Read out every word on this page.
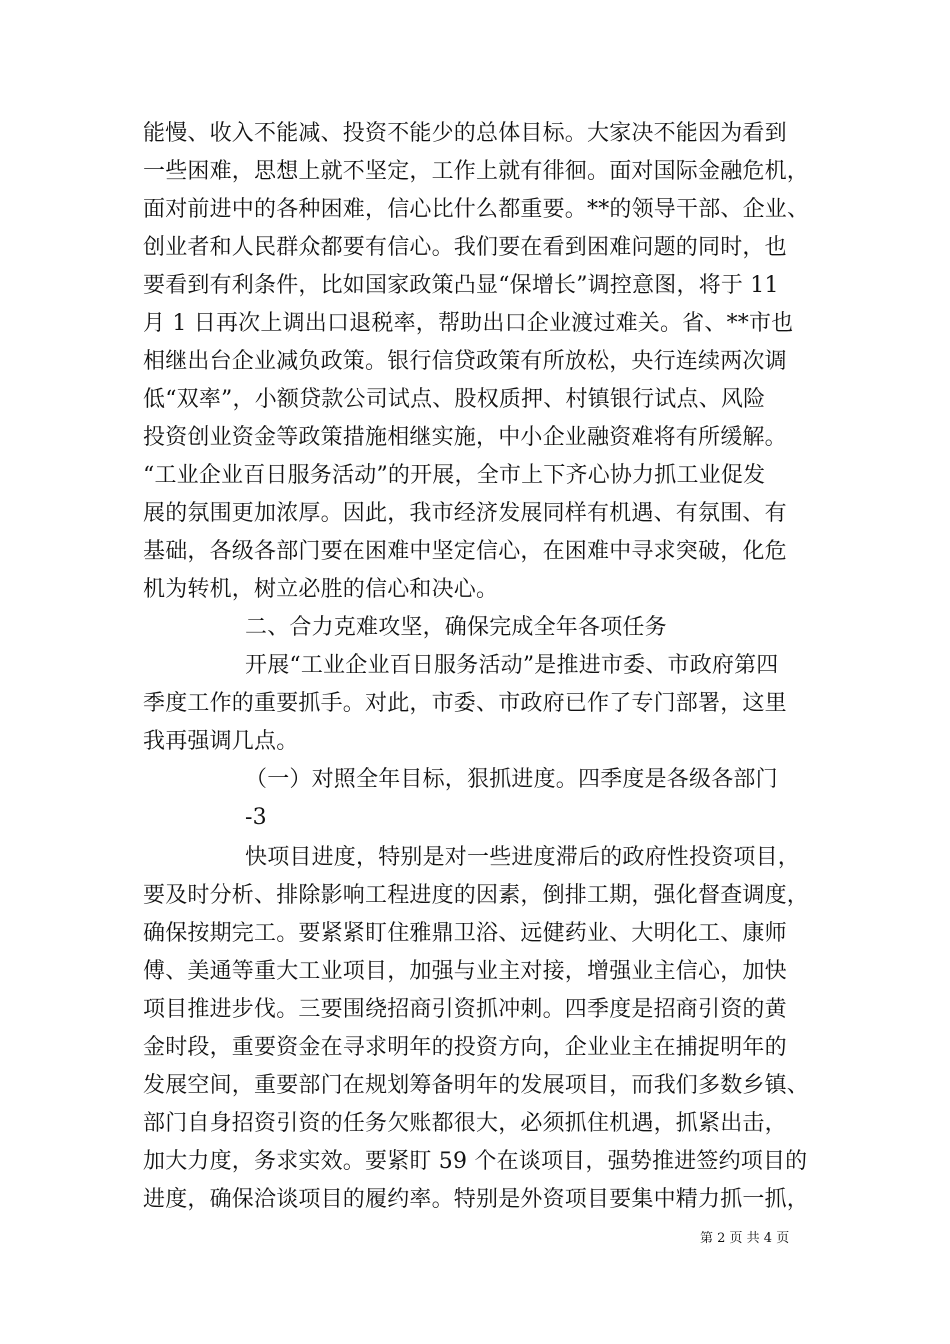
能慢、收入不能减、投资不能少的总体目标。大家决不能因为看到
一些困难，思想上就不坚定，工作上就有徘徊。面对国际金融危机，
面对前进中的各种困难，信心比什么都重要。**的领导干部、企业、
创业者和人民群众都要有信心。我们要在看到困难问题的同时，也
要看到有利条件，比如国家政策凸显“保增长”调控意图，将于 11
月 1 日再次上调出口退税率，帮助出口企业渡过难关。省、**市也
相继出台企业减负政策。银行信贷政策有所放松，央行连续两次调
低“双率”，小额贷款公司试点、股权质押、村镇银行试点、风险
投资创业资金等政策措施相继实施，中小企业融资难将有所缓解。
“工业企业百日服务活动”的开展，全市上下齐心协力抓工业促发
展的氛围更加浓厚。因此，我市经济发展同样有机遇、有氛围、有
基础，各级各部门要在困难中坚定信心，在困难中寻求突破，化危
机为转机，树立必胜的信心和决心。
二、合力克难攻坚，确保完成全年各项任务
开展“工业企业百日服务活动”是推进市委、市政府第四
季度工作的重要抓手。对此，市委、市政府已作了专门部署，这里
我再强调几点。
（一）对照全年目标，狠抓进度。四季度是各级各部门
-3
快项目进度，特别是对一些进度滞后的政府性投资项目，
要及时分析、排除影响工程进度的因素，倒排工期，强化督查调度，
确保按期完工。要紧紧盯住雅鼎卫浴、远健药业、大明化工、康师
傅、美通等重大工业项目，加强与业主对接，增强业主信心，加快
项目推进步伐。三要围绕招商引资抓冲刺。四季度是招商引资的黄
金时段，重要资金在寻求明年的投资方向，企业业主在捕捉明年的
发展空间，重要部门在规划筹备明年的发展项目，而我们多数乡镇、
部门自身招资引资的任务欠账都很大，必须抓住机遇，抓紧出击，
加大力度，务求实效。要紧盯 59 个在谈项目，强势推进签约项目的
进度，确保洽谈项目的履约率。特别是外资项目要集中精力抓一抓，
第 2 页 共 4 页
